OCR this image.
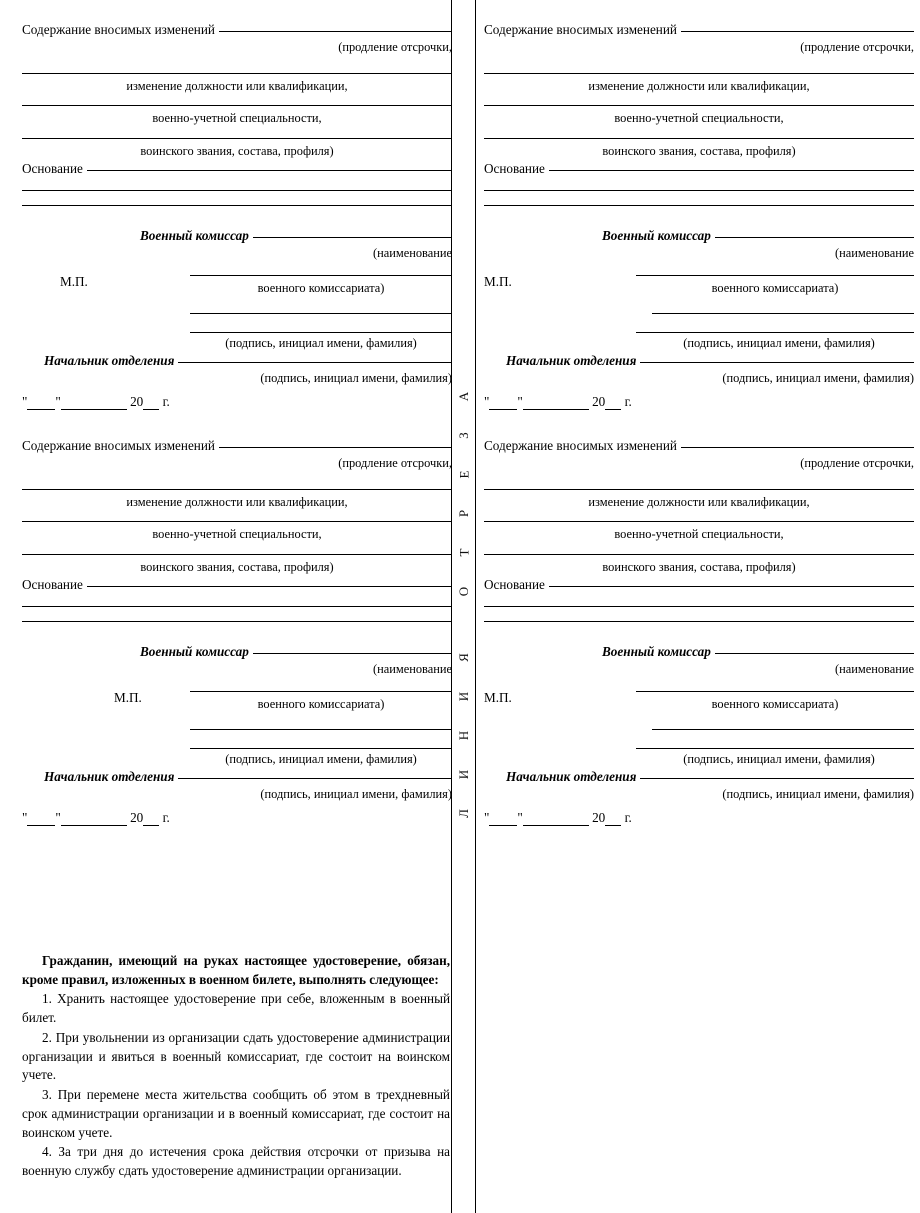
А
З
Е
Р
Т
О
Я
И
Н
И
Л
Содержание вносимых изменений
(продление отсрочки,
изменение должности или квалификации,
военно-учетной специальности,
воинского звания, состава, профиля)
Основание
Военный комиссар
(наименование
М.П.	военного комиссариата)
(подпись, инициал имени, фамилия)
Начальник отделения
(подпись, инициал имени, фамилия)
" "	20 г.
Содержание вносимых изменений
(продление отсрочки,
изменение должности или квалификации,
военно-учетной специальности,
воинского звания, состава, профиля)
Основание
Военный комиссар
(наименование
М.П.	военного комиссариата)
(подпись, инициал имени, фамилия)
Начальник отделения
(подпись, инициал имени, фамилия)
" "	20 г.
Содержание вносимых изменений
(продление отсрочки,
изменение должности или квалификации,
военно-учетной специальности,
воинского звания, состава, профиля)
Основание
Военный комиссар
(наименование
М.П.	военного комиссариата)
(подпись, инициал имени, фамилия)
Начальник отделения
(подпись, инициал имени, фамилия)
" "	20 г.
Содержание вносимых изменений
(продление отсрочки,
изменение должности или квалификации,
военно-учетной специальности,
воинского звания, состава, профиля)
Основание
Военный комиссар
(наименование
М.П.	военного комиссариата)
(подпись, инициал имени, фамилия)
Начальник отделения
(подпись, инициал имени, фамилия)
" "	20 г.

Гражданин, имеющий на руках настоящее удостоверение, обязан, кроме правил, изложенных в военном билете, выполнять следующее:

1. Хранить настоящее удостоверение при себе, вложенным в военный билет.

2. При увольнении из организации сдать удостоверение администрации организации и явиться в военный комиссариат, где состоит на воинском учете.

3. При перемене места жительства сообщить об этом в трехдневный срок администрации организации и в военный комиссариат, где состоит на воинском учете.

4. За три дня до истечения срока действия отсрочки от призыва на военную службу сдать удостоверение администрации организации.
